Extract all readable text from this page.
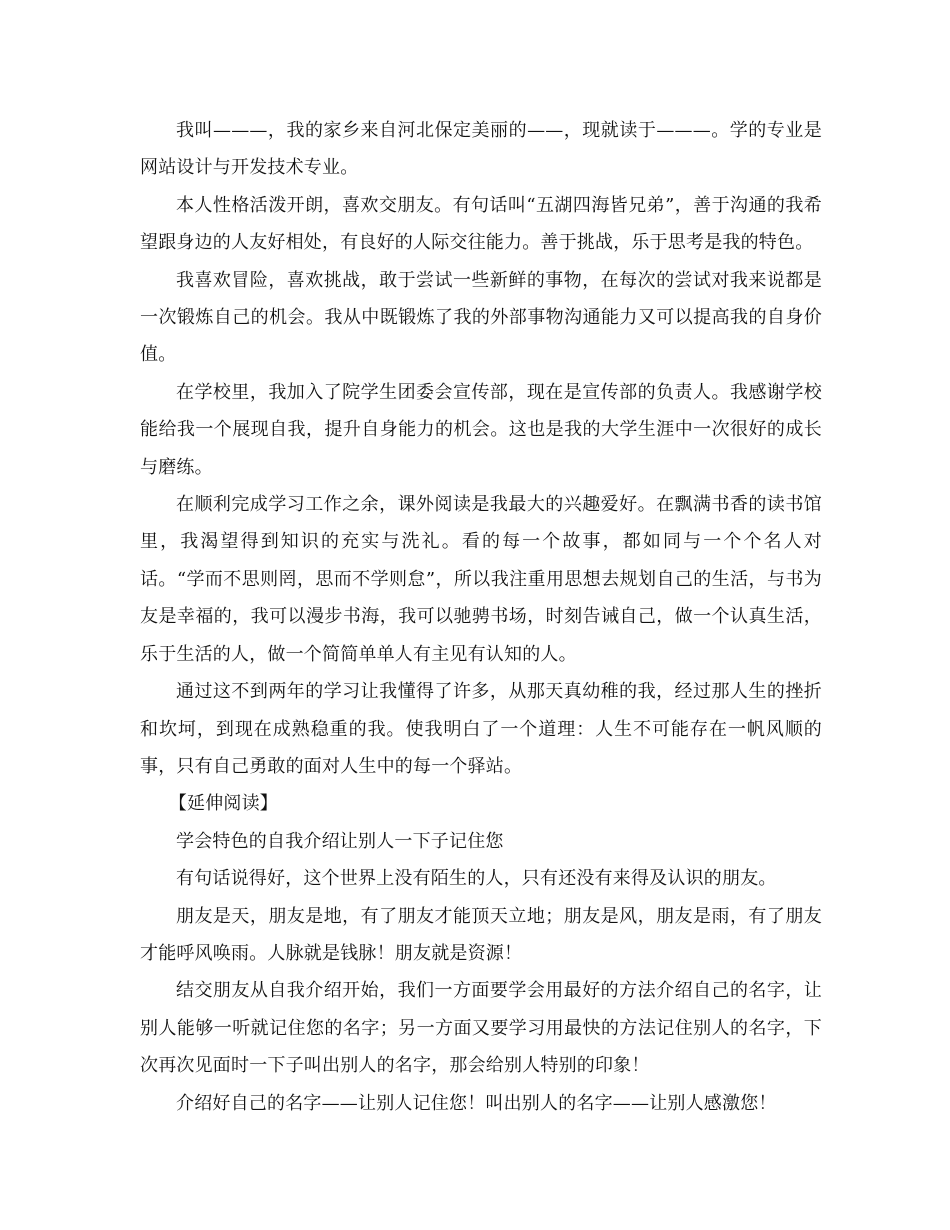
我叫———，我的家乡来自河北保定美丽的——，现就读于———。学的专业是网站设计与开发技术专业。

本人性格活泼开朗，喜欢交朋友。有句话叫“五湖四海皆兄弟”，善于沟通的我希望跟身边的人友好相处，有良好的人际交往能力。善于挑战，乐于思考是我的特色。

我喜欢冒险，喜欢挑战，敢于尝试一些新鲜的事物，在每次的尝试对我来说都是一次锻炼自己的机会。我从中既锻炼了我的外部事物沟通能力又可以提高我的自身价值。

在学校里，我加入了院学生团委会宣传部，现在是宣传部的负责人。我感谢学校能给我一个展现自我，提升自身能力的机会。这也是我的大学生涯中一次很好的成长与磨练。

在顺利完成学习工作之余，课外阅读是我最大的兴趣爱好。在飘满书香的读书馆里，我渴望得到知识的充实与洗礼。看的每一个故事，都如同与一个个名人对话。“学而不思则罔，思而不学则怠”，所以我注重用思想去规划自己的生活，与书为友是幸福的，我可以漫步书海，我可以驰骋书场，时刻告诫自己，做一个认真生活，乐于生活的人，做一个简简单单人有主见有认知的人。

通过这不到两年的学习让我懂得了许多，从那天真幼稚的我，经过那人生的挫折和坎坷，到现在成熟稳重的我。使我明白了一个道理：人生不可能存在一帆风顺的事，只有自己勇敢的面对人生中的每一个驿站。

【延伸阅读】

学会特色的自我介绍让别人一下子记住您

有句话说得好，这个世界上没有陌生的人，只有还没有来得及认识的朋友。

朋友是天，朋友是地，有了朋友才能顶天立地；朋友是风，朋友是雨，有了朋友才能呼风唤雨。人脉就是钱脉！朋友就是资源！

结交朋友从自我介绍开始，我们一方面要学会用最好的方法介绍自己的名字，让别人能够一听就记住您的名字；另一方面又要学习用最快的方法记住别人的名字，下次再次见面时一下子叫出别人的名字，那会给别人特别的印象！

介绍好自己的名字——让别人记住您！叫出别人的名字——让别人感激您！
